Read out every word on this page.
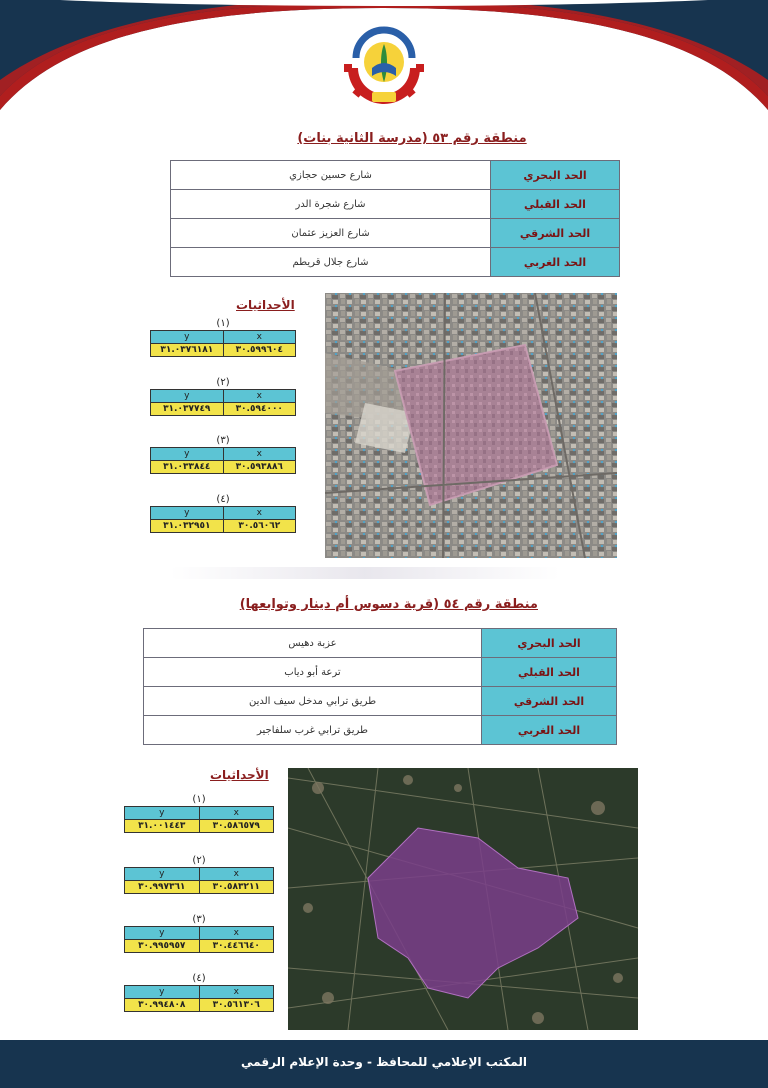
منطقة رقم ٥٣ (مدرسة الثانية بنات)
الحد البحري	شارع حسين حجازي
الحد القبلي	شارع شجرة الدر
الحد الشرقي	شارع العزيز عثمان
الحد الغربي	شارع جلال قريطم
الأحداثيات
(١)
y	x
٣١.٠٣٧٦١٨١	٣٠.٥٩٩٦٠٤
(٢)
y	x
٣١.٠٣٧٧٤٩	٣٠.٥٩٤٠٠٠
(٣)
y	x
٣١.٠٣٣٨٤٤	٣٠.٥٩٣٨٨٦
(٤)
y	x
٣١.٠٣٢٩٥١	٣٠.٥٦٠٦٢
منطقة رقم ٥٤ (قرية دسوس أم دينار وتوابعها)
الحد البحري	عزبة دهيس
الحد القبلي	ترعة أبو دياب
الحد الشرقي	طريق ترابي مدخل سيف الدين
الحد الغربي	طريق ترابي غرب سلفاجير
الأحداثيات
(١)
y	x
٣١.٠٠١٤٤٣	٣٠.٥٨٦٥٧٩
(٢)
y	x
٣٠.٩٩٧٣٦١	٣٠.٥٨٣٢١١
(٣)
y	x
٣٠.٩٩٥٩٥٧	٣٠.٤٤٦٦٤٠
(٤)
y	x
٣٠.٩٩٤٨٠٨	٣٠.٥٦١٣٠٦
المكتب الإعلامي للمحافظ - وحدة الإعلام الرقمي
